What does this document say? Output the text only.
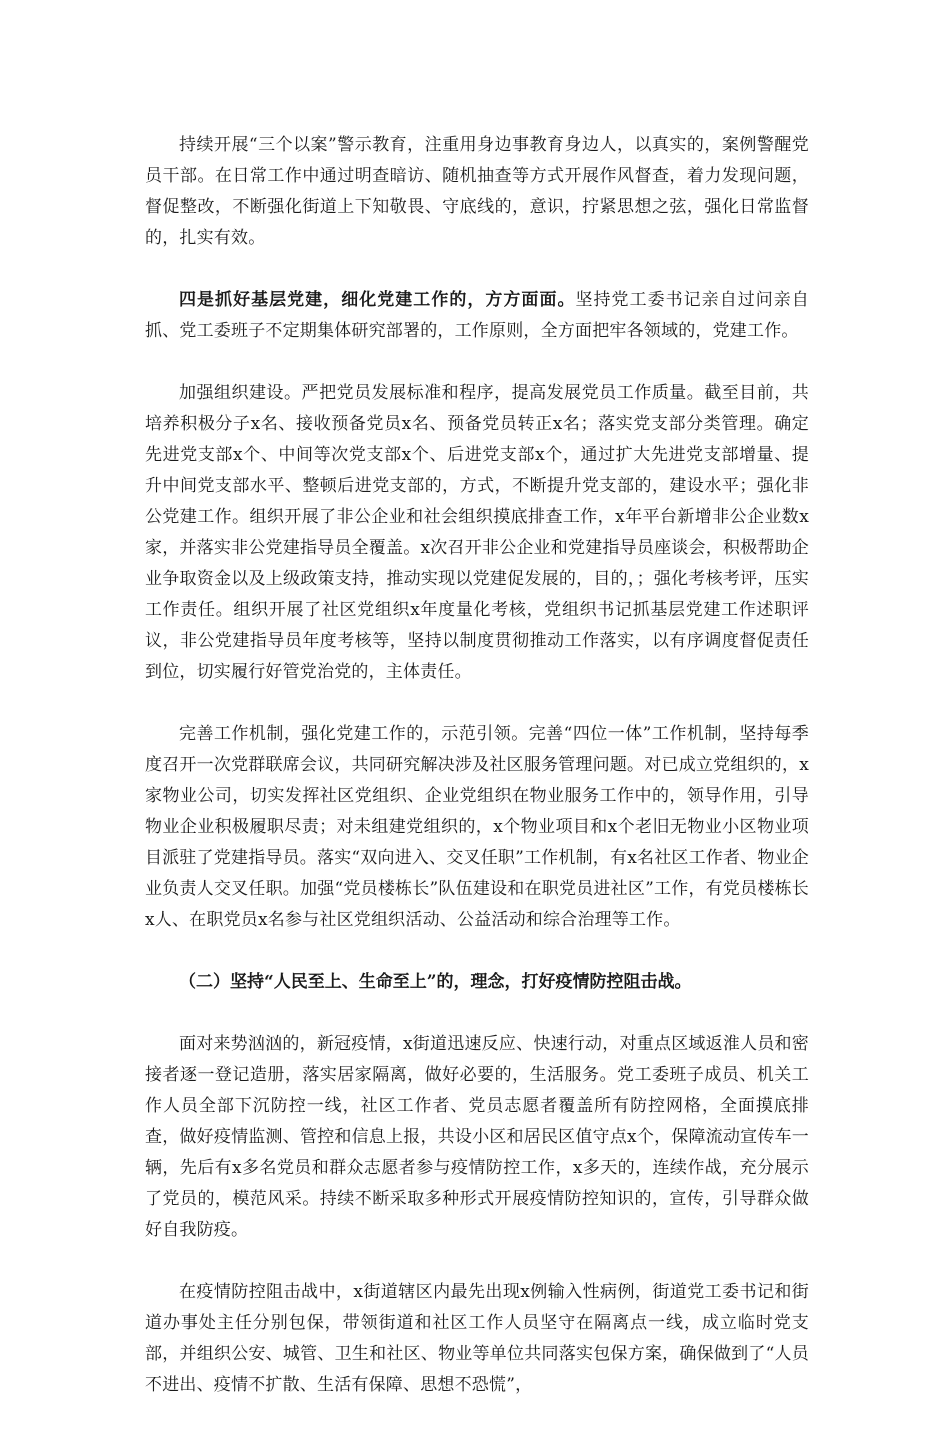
持续开展“三个以案”警示教育，注重用身边事教育身边人，以真实的，案例警醒党员干部。在日常工作中通过明查暗访、随机抽查等方式开展作风督查，着力发现问题，督促整改，不断强化街道上下知敬畏、守底线的，意识，拧紧思想之弦，强化日常监督的，扎实有效。

四是抓好基层党建，细化党建工作的，方方面面。坚持党工委书记亲自过问亲自抓、党工委班子不定期集体研究部署的，工作原则，全方面把牢各领域的，党建工作。

加强组织建设。严把党员发展标准和程序，提高发展党员工作质量。截至目前，共培养积极分子x名、接收预备党员x名、预备党员转正x名；落实党支部分类管理。确定先进党支部x个、中间等次党支部x个、后进党支部x个，通过扩大先进党支部增量、提升中间党支部水平、整顿后进党支部的，方式，不断提升党支部的，建设水平；强化非公党建工作。组织开展了非公企业和社会组织摸底排查工作，x年平台新增非公企业数x家，并落实非公党建指导员全覆盖。x次召开非公企业和党建指导员座谈会，积极帮助企业争取资金以及上级政策支持，推动实现以党建促发展的，目的，；强化考核考评，压实工作责任。组织开展了社区党组织x年度量化考核，党组织书记抓基层党建工作述职评议，非公党建指导员年度考核等，坚持以制度贯彻推动工作落实，以有序调度督促责任到位，切实履行好管党治党的，主体责任。

完善工作机制，强化党建工作的，示范引领。完善“四位一体”工作机制，坚持每季度召开一次党群联席会议，共同研究解决涉及社区服务管理问题。对已成立党组织的，x家物业公司，切实发挥社区党组织、企业党组织在物业服务工作中的，领导作用，引导物业企业积极履职尽责；对未组建党组织的，x个物业项目和x个老旧无物业小区物业项目派驻了党建指导员。落实“双向进入、交叉任职”工作机制，有x名社区工作者、物业企业负责人交叉任职。加强“党员楼栋长”队伍建设和在职党员进社区”工作，有党员楼栋长x人、在职党员x名参与社区党组织活动、公益活动和综合治理等工作。

（二）坚持“人民至上、生命至上”的，理念，打好疫情防控阻击战。

面对来势汹汹的，新冠疫情，x街道迅速反应、快速行动，对重点区域返淮人员和密接者逐一登记造册，落实居家隔离，做好必要的，生活服务。党工委班子成员、机关工作人员全部下沉防控一线，社区工作者、党员志愿者覆盖所有防控网格，全面摸底排查，做好疫情监测、管控和信息上报，共设小区和居民区值守点x个，保障流动宣传车一辆，先后有x多名党员和群众志愿者参与疫情防控工作，x多天的，连续作战，充分展示了党员的，模范风采。持续不断采取多种形式开展疫情防控知识的，宣传，引导群众做好自我防疫。

在疫情防控阻击战中，x街道辖区内最先出现x例输入性病例，街道党工委书记和街道办事处主任分别包保，带领街道和社区工作人员坚守在隔离点一线，成立临时党支部，并组织公安、城管、卫生和社区、物业等单位共同落实包保方案，确保做到了“人员不进出、疫情不扩散、生活有保障、思想不恐慌”，
